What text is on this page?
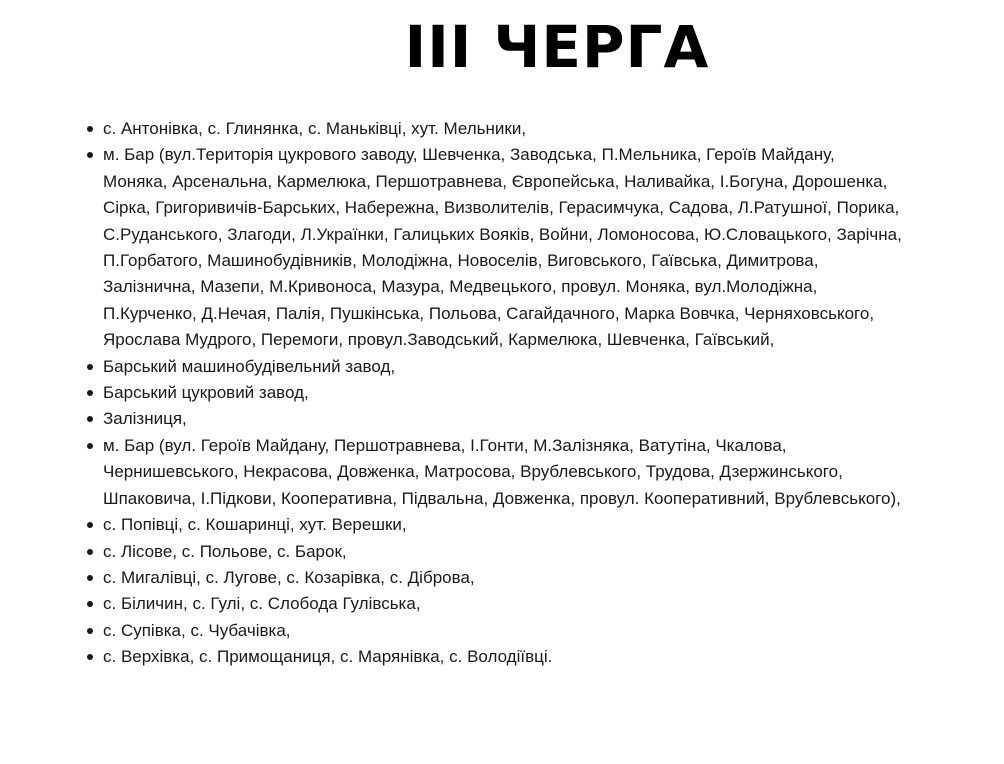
ІІІ ЧЕРГА
с. Антонівка, с. Глинянка, с. Маньківці, хут. Мельники,
м. Бар (вул.Територія цукрового заводу, Шевченка, Заводська, П.Мельника, Героїв Майдану, Моняка, Арсенальна, Кармелюка, Першотравнева, Європейська, Наливайка, І.Богуна, Дорошенка, Сірка, Григоривичів-Барських, Набережна, Визволителів, Герасимчука, Садова, Л.Ратушної, Порика, С.Руданського, Злагоди, Л.Українки, Галицьких Вояків, Войни, Ломоносова, Ю.Словацького, Зарічна, П.Горбатого, Машинобудівників, Молодіжна, Новоселів, Виговського, Гаївська, Димитрова, Залізнична, Мазепи, М.Кривоноса, Мазура, Медвецького, провул. Моняка, вул.Молодіжна, П.Курченко, Д.Нечая, Палія, Пушкінська, Польова, Сагайдачного, Марка Вовчка, Черняховського, Ярослава Мудрого, Перемоги, провул.Заводський, Кармелюка, Шевченка, Гаївський,
Барський машинобудівельний завод,
Барський цукровий завод,
Залізниця,
м. Бар (вул. Героїв Майдану, Першотравнева, І.Гонти, М.Залізняка, Ватутіна, Чкалова, Чернишевського, Некрасова, Довженка, Матросова, Врублевського, Трудова, Дзержинського, Шпаковича, І.Підкови, Кооперативна, Підвальна, Довженка, провул. Кооперативний, Врублевського),
с. Попівці, с. Кошаринці, хут. Верешки,
с. Лісове, с. Польове, с. Барок,
с. Мигалівці, с. Лугове, с. Козарівка, с. Діброва,
с. Біличин, с. Гулі, с. Слобода Гулівська,
с. Супівка, с. Чубачівка,
с. Верхівка, с. Примощаниця, с. Марянівка, с. Володіївці.
